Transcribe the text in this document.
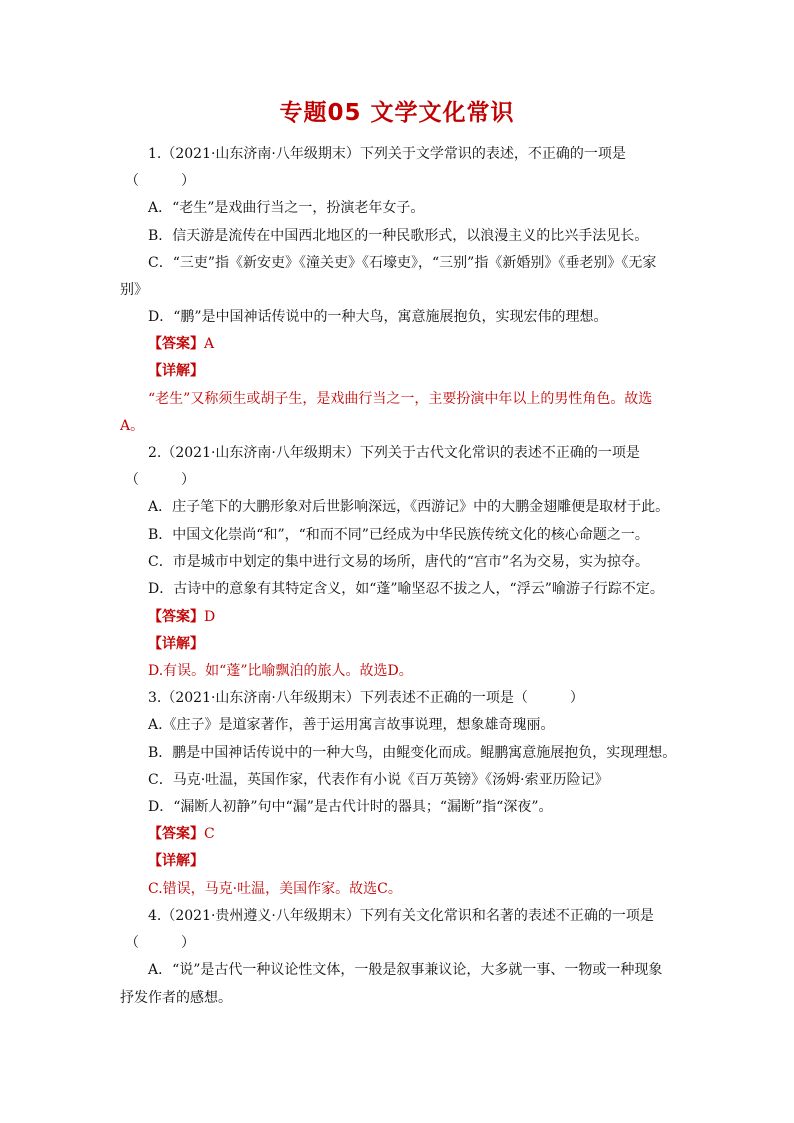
专题05 文学文化常识
1.（2021·山东济南·八年级期末）下列关于文学常识的表述，不正确的一项是
（　　　）
A．“老生”是戏曲行当之一，扮演老年女子。
B．信天游是流传在中国西北地区的一种民歌形式，以浪漫主义的比兴手法见长。
C．“三吏”指《新安吏》《潼关吏》《石壕吏》，“三别”指《新婚别》《垂老别》《无家
别》
D．“鹏”是中国神话传说中的一种大鸟，寓意施展抱负，实现宏伟的理想。
【答案】A
【详解】
“老生”又称须生或胡子生，是戏曲行当之一，主要扮演中年以上的男性角色。故选
A。
2.（2021·山东济南·八年级期末）下列关于古代文化常识的表述不正确的一项是
（　　　）
A．庄子笔下的大鹏形象对后世影响深远，《西游记》中的大鹏金翅雕便是取材于此。
B．中国文化崇尚“和”，“和而不同”已经成为中华民族传统文化的核心命题之一。
C．市是城市中划定的集中进行文易的场所，唐代的“宫市”名为交易，实为掠夺。
D．古诗中的意象有其特定含义，如“蓬”喻坚忍不拔之人，“浮云”喻游子行踪不定。
【答案】D
【详解】
D.有误。如“蓬”比喻飘泊的旅人。故选D。
3.（2021·山东济南·八年级期末）下列表述不正确的一项是（　　　）
A.《庄子》是道家著作，善于运用寓言故事说理，想象雄奇瑰丽。
B．鹏是中国神话传说中的一种大鸟，由鲲变化而成。鲲鹏寓意施展抱负，实现理想。
C．马克·吐温，英国作家，代表作有小说《百万英镑》《汤姆·索亚历险记》
D．“漏断人初静”句中“漏”是古代计时的器具；“漏断”指“深夜”。
【答案】C
【详解】
C.错误，马克·吐温，美国作家。故选C。
4.（2021·贵州遵义·八年级期末）下列有关文化常识和名著的表述不正确的一项是
（　　　）
A．“说”是古代一种议论性文体，一般是叙事兼议论，大多就一事、一物或一种现象
抒发作者的感想。
